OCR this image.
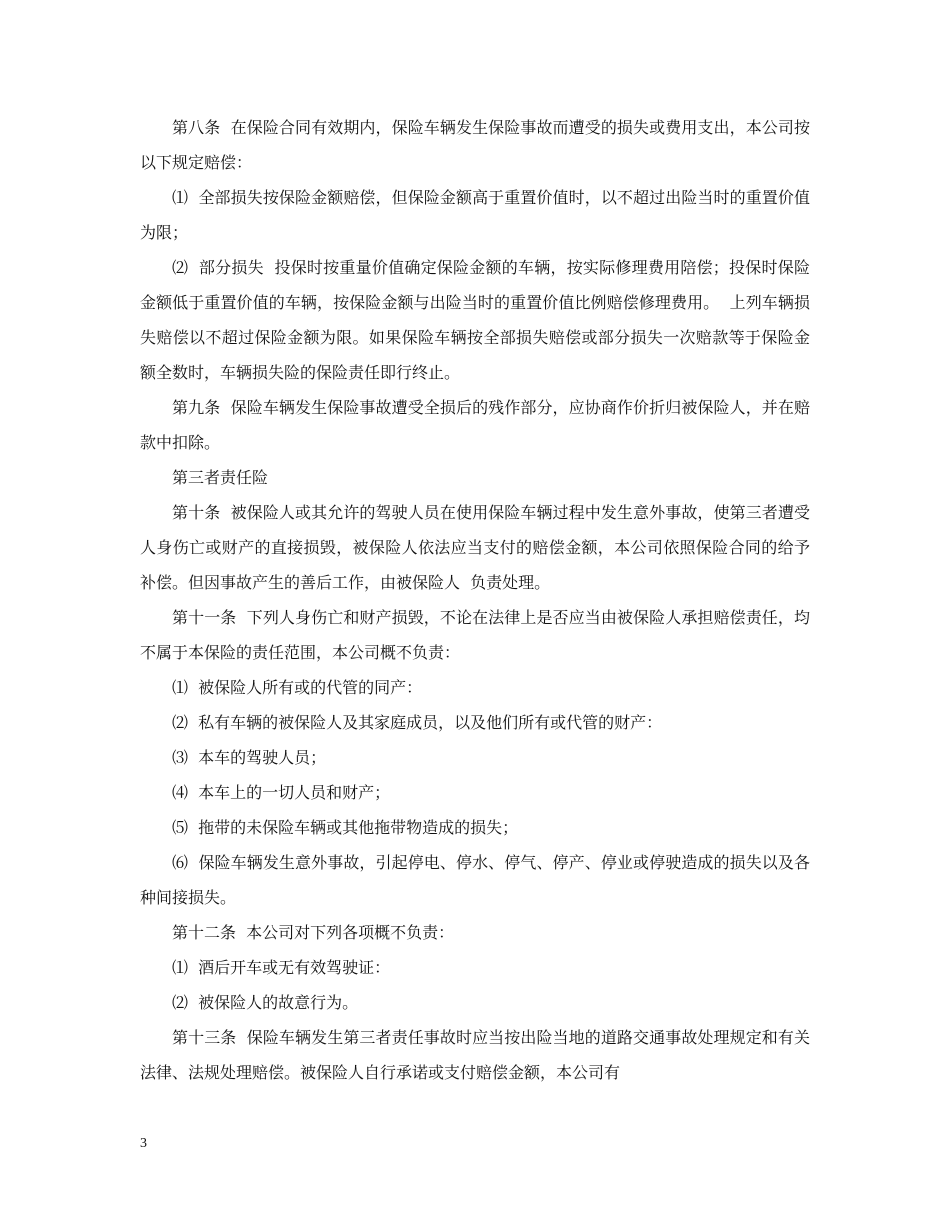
第八条  在保险合同有效期内，保险车辆发生保险事故而遭受的损失或费用支出，本公司按以下规定赔偿：

⑴  全部损失按保险金额赔偿，但保险金额高于重置价值时，以不超过出险当时的重置价值为限；

⑵  部分损失  投保时按重量价值确定保险金额的车辆，按实际修理费用陪偿；投保时保险金额低于重置价值的车辆，按保险金额与出险当时的重置价值比例赔偿修理费用。  上列车辆损失赔偿以不超过保险金额为限。如果保险车辆按全部损失赔偿或部分损失一次赔款等于保险金额全数时，车辆损失险的保险责任即行终止。

第九条  保险车辆发生保险事故遭受全损后的残作部分，应协商作价折归被保险人，并在赔款中扣除。

第三者责任险

第十条  被保险人或其允许的驾驶人员在使用保险车辆过程中发生意外事故，使第三者遭受人身伤亡或财产的直接损毁，被保险人依法应当支付的赔偿金额，本公司依照保险合同的给予补偿。但因事故产生的善后工作，由被保险人  负责处理。

第十一条  下列人身伤亡和财产损毁，不论在法律上是否应当由被保险人承担赔偿责任，均不属于本保险的责任范围，本公司概不负责：

⑴  被保险人所有或的代管的同产：

⑵  私有车辆的被保险人及其家庭成员，以及他们所有或代管的财产：

⑶  本车的驾驶人员；

⑷  本车上的一切人员和财产；

⑸  拖带的未保险车辆或其他拖带物造成的损失；

⑹  保险车辆发生意外事故，引起停电、停水、停气、停产、停业或停驶造成的损失以及各种间接损失。

第十二条  本公司对下列各项概不负责：

⑴  酒后开车或无有效驾驶证：

⑵  被保险人的故意行为。

第十三条  保险车辆发生第三者责任事故时应当按出险当地的道路交通事故处理规定和有关法律、法规处理赔偿。被保险人自行承诺或支付赔偿金额，本公司有

3
